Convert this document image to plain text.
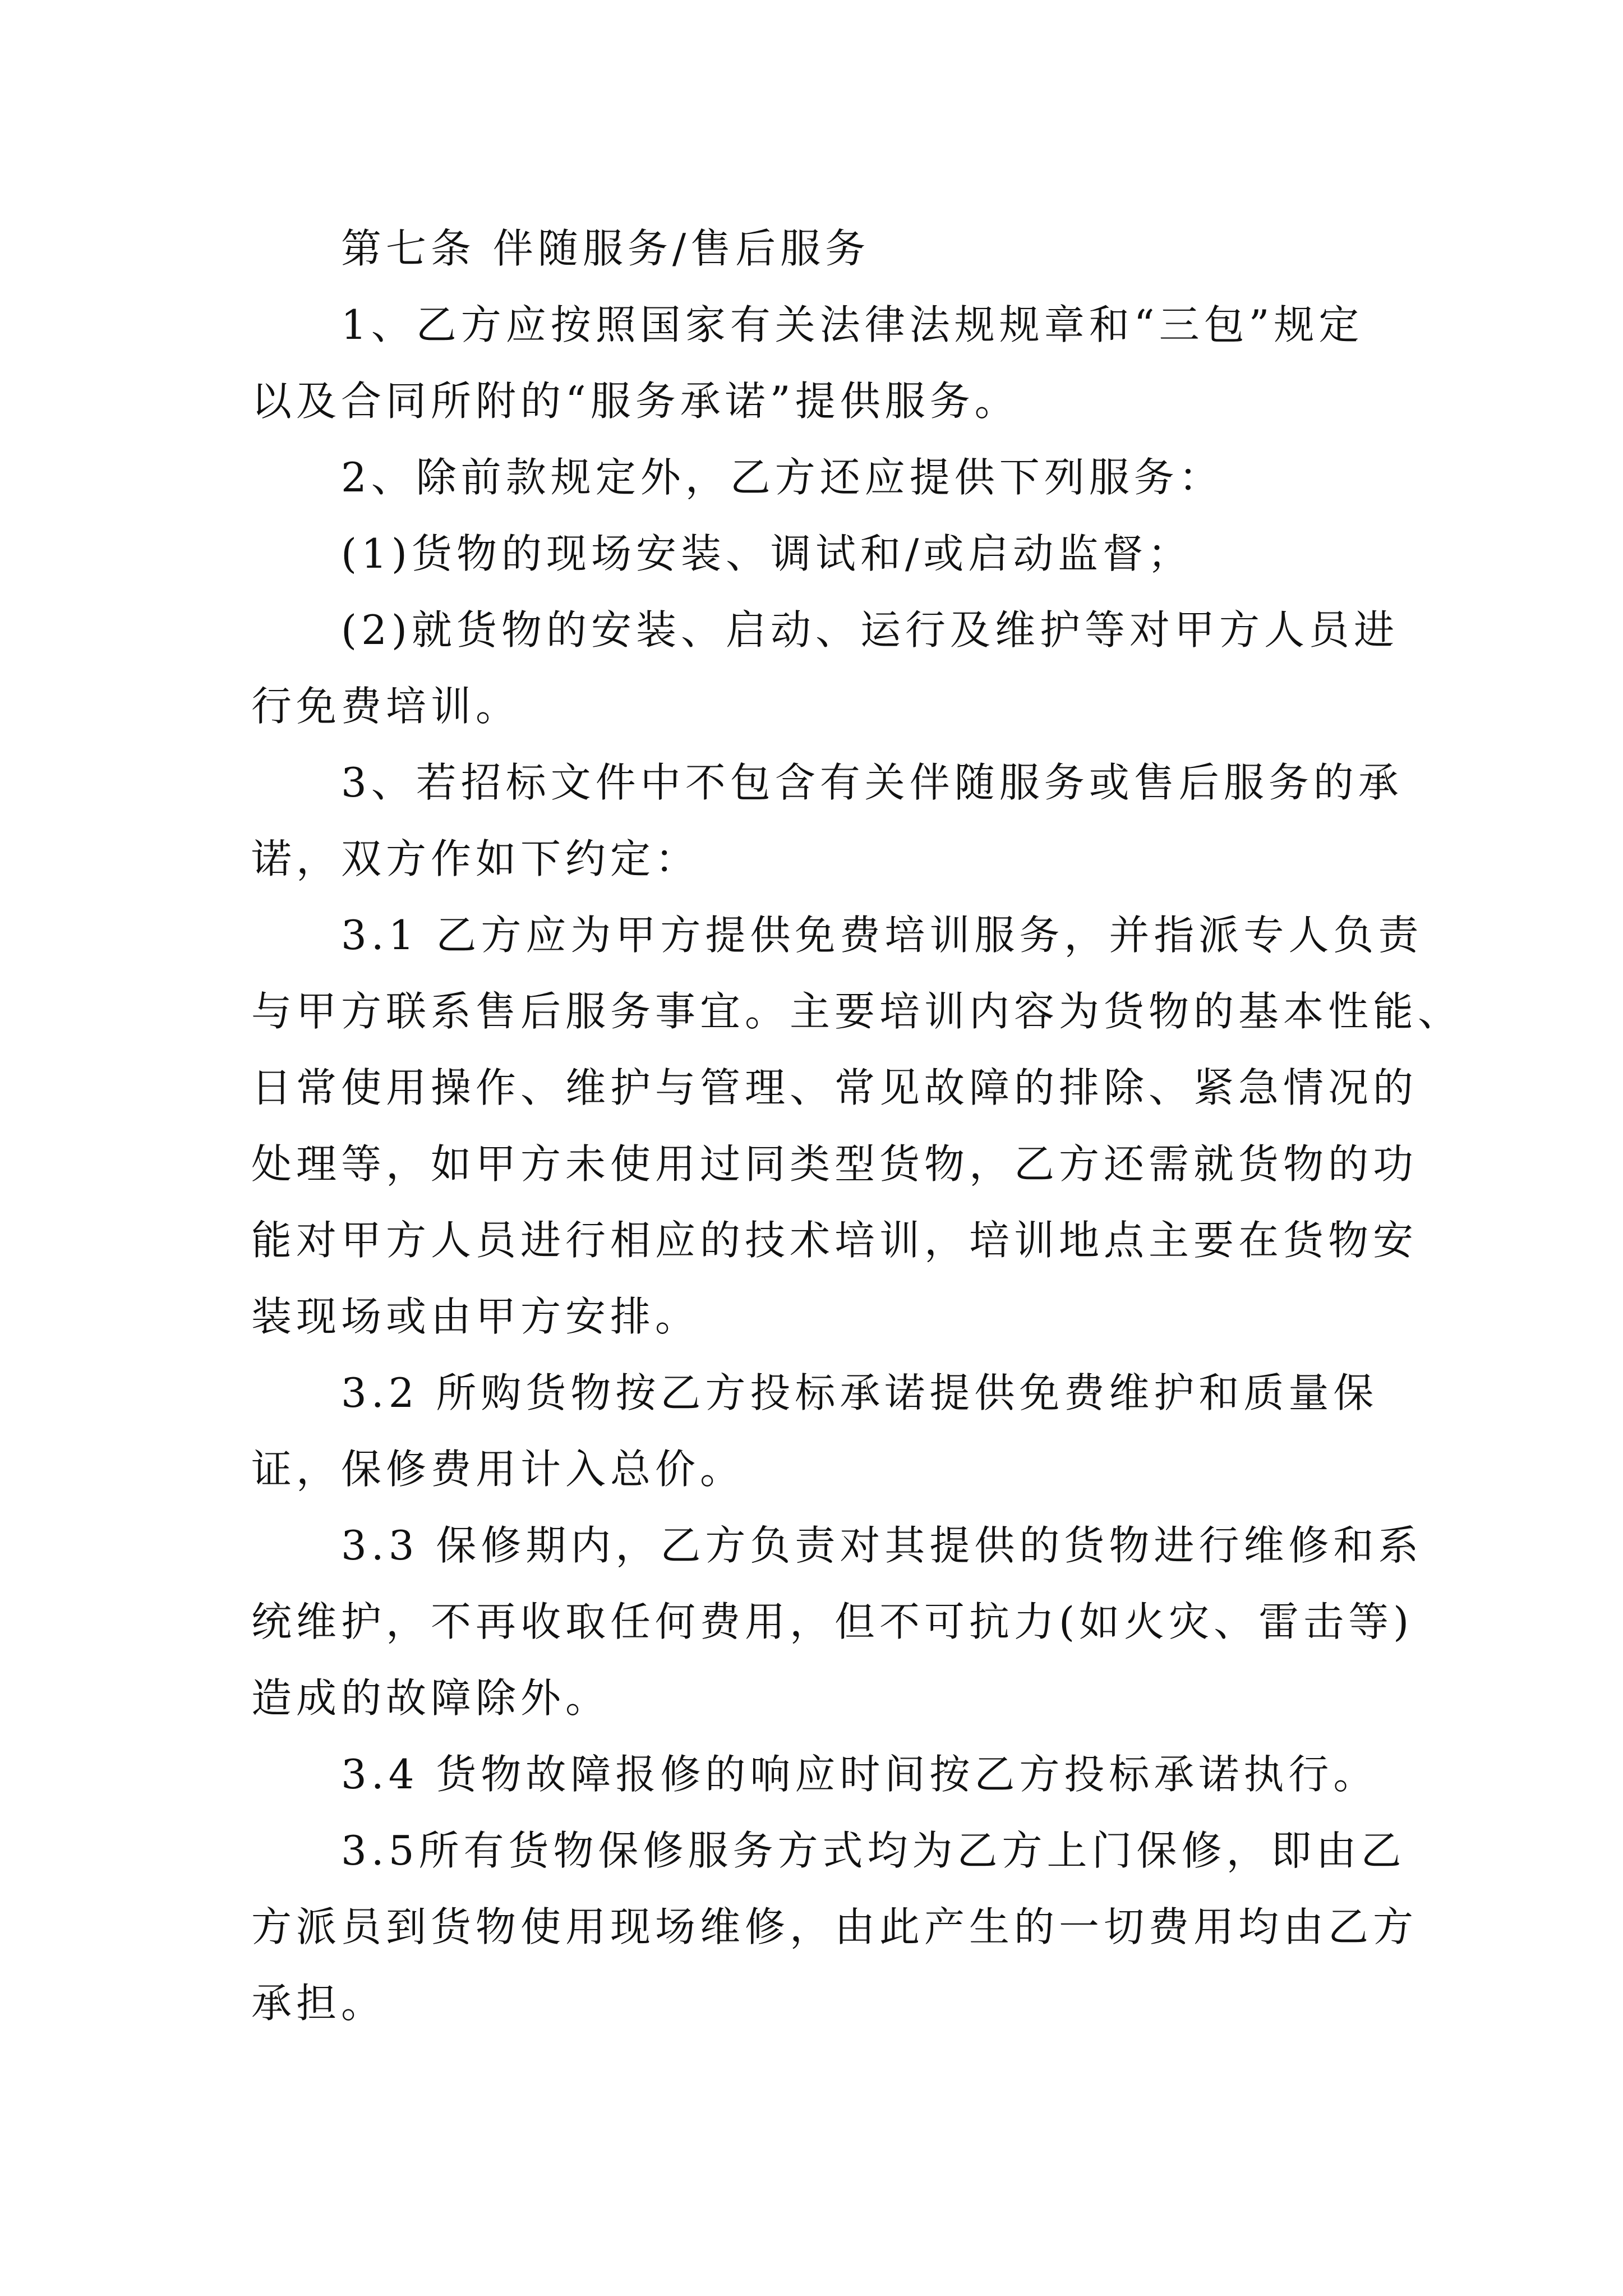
第七条 伴随服务/售后服务

1、乙方应按照国家有关法律法规规章和“三包”规定
以及合同所附的“服务承诺”提供服务。

2、除前款规定外，乙方还应提供下列服务：

(1)货物的现场安装、调试和/或启动监督；

(2)就货物的安装、启动、运行及维护等对甲方人员进
行免费培训。

3、若招标文件中不包含有关伴随服务或售后服务的承
诺，双方作如下约定：

3.1 乙方应为甲方提供免费培训服务，并指派专人负责
与甲方联系售后服务事宜。主要培训内容为货物的基本性能、
日常使用操作、维护与管理、常见故障的排除、紧急情况的
处理等，如甲方未使用过同类型货物，乙方还需就货物的功
能对甲方人员进行相应的技术培训，培训地点主要在货物安
装现场或由甲方安排。

3.2 所购货物按乙方投标承诺提供免费维护和质量保
证，保修费用计入总价。

3.3 保修期内，乙方负责对其提供的货物进行维修和系
统维护，不再收取任何费用，但不可抗力(如火灾、雷击等)
造成的故障除外。

3.4 货物故障报修的响应时间按乙方投标承诺执行。

3.5所有货物保修服务方式均为乙方上门保修，即由乙
方派员到货物使用现场维修，由此产生的一切费用均由乙方
承担。
